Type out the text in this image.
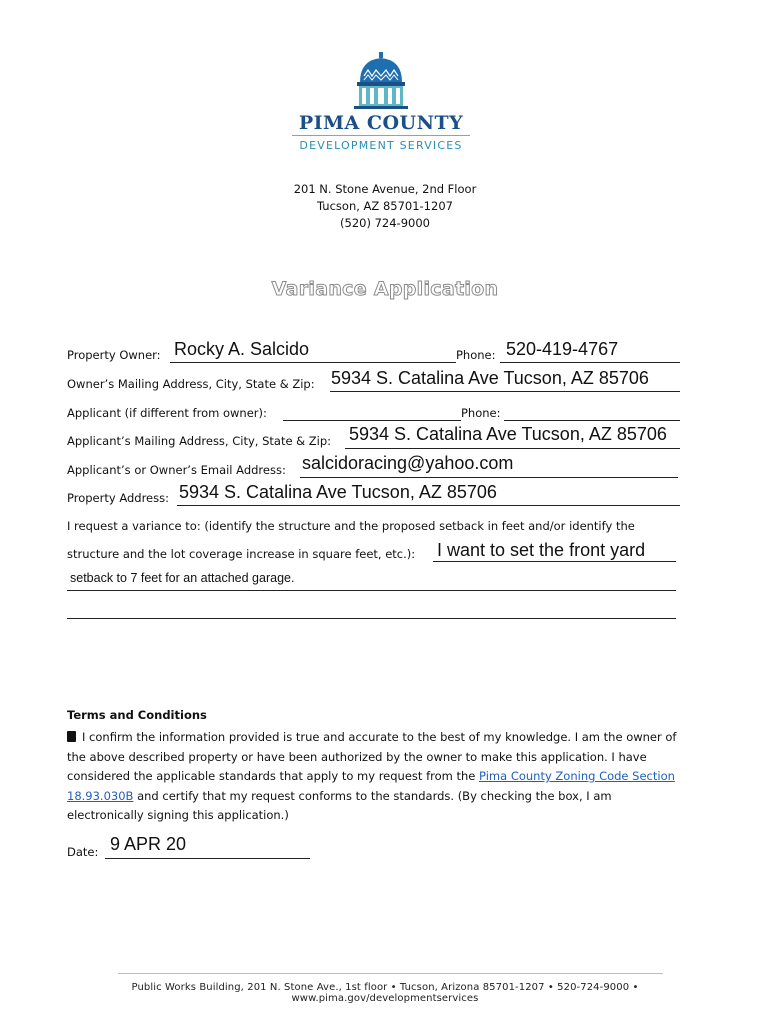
PIMA COUNTY
DEVELOPMENT SERVICES
201 N. Stone Avenue, 2nd Floor
Tucson, AZ 85701-1207
(520) 724-9000
Variance Application
Property Owner: Rocky A. Salcido	Phone: 520-419-4767
Owner’s Mailing Address, City, State & Zip: 5934 S. Catalina Ave Tucson, AZ 85706
Applicant (if different from owner):	Phone:
Applicant’s Mailing Address, City, State & Zip: 5934 S. Catalina Ave Tucson, AZ 85706
Applicant’s or Owner’s Email Address: salcidoracing@yahoo.com
Property Address: 5934 S. Catalina Ave Tucson, AZ 85706
I request a variance to: (identify the structure and the proposed setback in feet and/or identify the
structure and the lot coverage increase in square feet, etc.): I want to set the front yard
setback to 7 feet for an attached garage.
Terms and Conditions
I confirm the information provided is true and accurate to the best of my knowledge. I am the owner of the above described property or have been authorized by the owner to make this application. I have considered the applicable standards that apply to my request from the Pima County Zoning Code Section 18.93.030B and certify that my request conforms to the standards. (By checking the box, I am electronically signing this application.)
Date: 9 APR 20
Public Works Building, 201 N. Stone Ave., 1st floor • Tucson, Arizona 85701-1207 • 520-724-9000 • www.pima.gov/developmentservices
